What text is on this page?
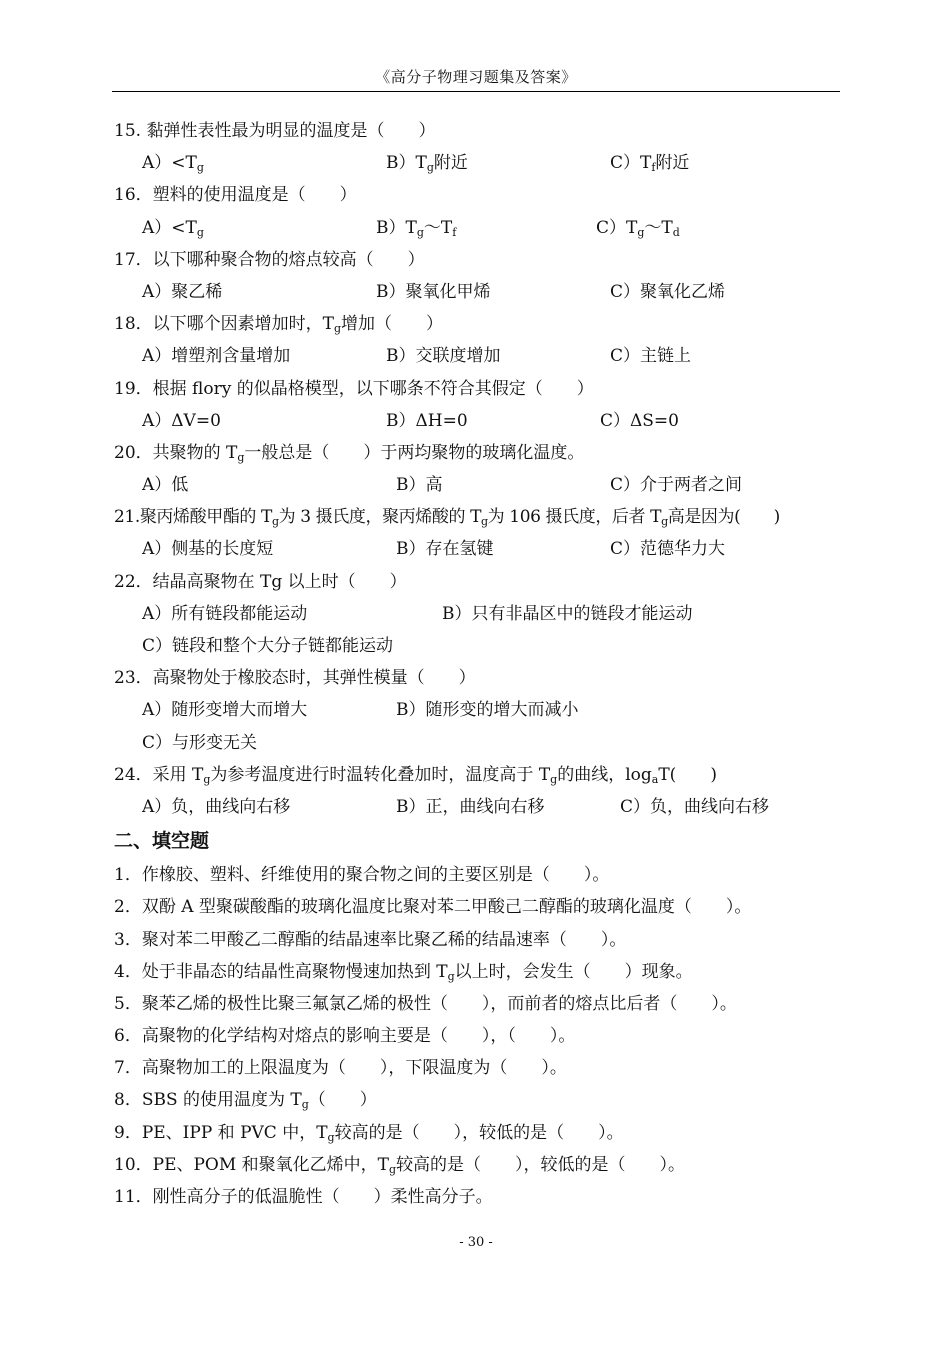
《高分子物理习题集及答案》
15. 黏弹性表性最为明显的温度是（　　）
$A)<T_g$	$B)T_g$附近	$C)T_f$附近
16．塑料的使用温度是（　　）
$A)<T_g$	$B)T_g\sim T_f$	$C)T_g\sim T_d$
17．以下哪种聚合物的熔点较高（　　）
A）聚乙稀	B）聚氧化甲烯	C）聚氧化乙烯
18．以下哪个因素增加时，$T_g$增加（　　）
A）增塑剂含量增加	B）交联度增加	C）主链上
19．根据 flory 的似晶格模型，以下哪条不符合其假定（　　）
A）ΔV=0	B）ΔH=0	C）ΔS=0
20．共聚物的 $T_g$一般总是（　　）于两均聚物的玻璃化温度。
A）低	B）高	C）介于两者之间
21.聚丙烯酸甲酯的 $T_g$为 3 摄氏度，聚丙烯酸的 $T_g$为 106 摄氏度，后者 $T_g$高是因为(　　)
A）侧基的长度短	B）存在氢键	C）范德华力大
22．结晶高聚物在 Tg 以上时（　　）
A）所有链段都能运动	B）只有非晶区中的链段才能运动
C）链段和整个大分子链都能运动
23．高聚物处于橡胶态时，其弹性模量（　　）
A）随形变增大而增大	B）随形变的增大而减小
C）与形变无关
24．采用 $T_g$为参考温度进行时温转化叠加时，温度高于 $T_g$的曲线，$\log_aT$(　　)
A）负，曲线向右移	B）正，曲线向右移	C）负，曲线向右移
二、填空题
1．作橡胶、塑料、纤维使用的聚合物之间的主要区别是（　　）。
2．双酚 A 型聚碳酸酯的玻璃化温度比聚对苯二甲酸己二醇酯的玻璃化温度（　　）。
3．聚对苯二甲酸乙二醇酯的结晶速率比聚乙稀的结晶速率（　　）。
4．处于非晶态的结晶性高聚物慢速加热到 $T_g$以上时，会发生（　　）现象。
5．聚苯乙烯的极性比聚三氟氯乙烯的极性（　　），而前者的熔点比后者（　　）。
6．高聚物的化学结构对熔点的影响主要是（　　），（　　）。
7．高聚物加工的上限温度为（　　），下限温度为（　　）。
8．SBS 的使用温度为 $T_g$（　　）
9．PE、IPP 和 PVC 中，$T_g$较高的是（　　），较低的是（　　）。
10．PE、POM 和聚氧化乙烯中，$T_g$较高的是（　　），较低的是（　　）。
11．刚性高分子的低温脆性（　　）柔性高分子。
- 30 -
